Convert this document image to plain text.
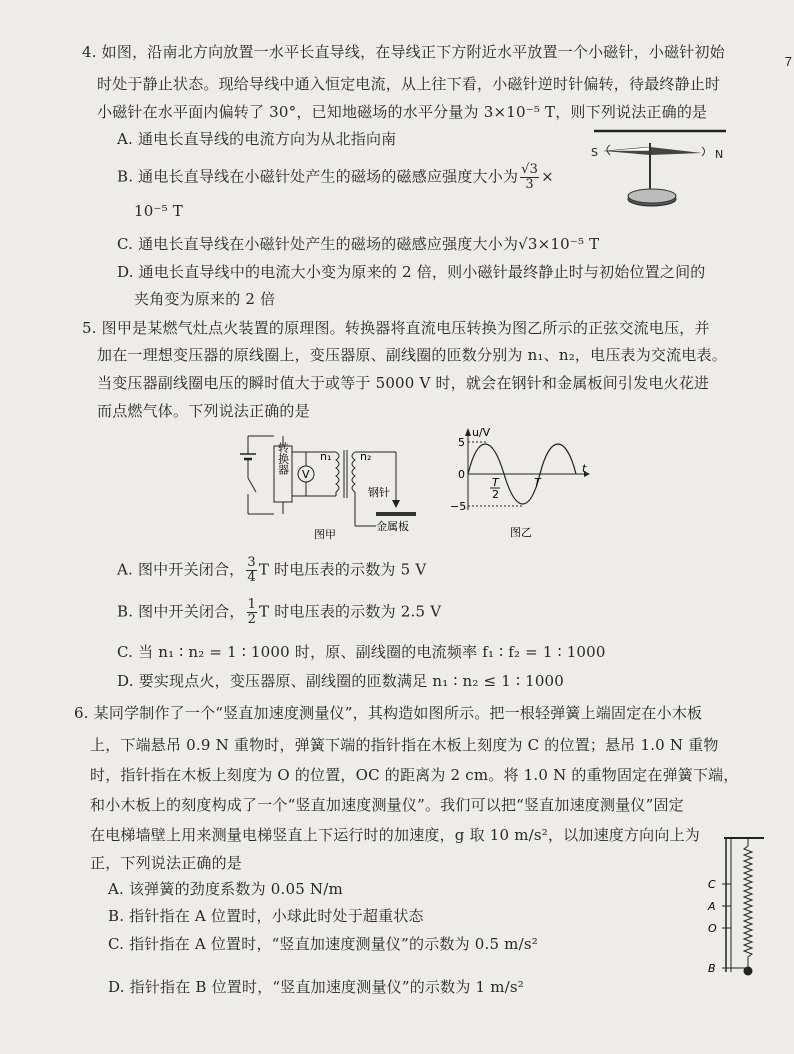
7
4. 如图，沿南北方向放置一水平长直导线，在导线正下方附近水平放置一个小磁针，小磁针初始
时处于静止状态。现给导线中通入恒定电流，从上往下看，小磁针逆时针偏转，待最终静止时
小磁针在水平面内偏转了 30°，已知地磁场的水平分量为 3×10⁻⁵ T，则下列说法正确的是
A. 通电长直导线的电流方向为从北指向南
B. 通电长直导线在小磁针处产生的磁场的磁感应强度大小为 $\frac{√3}{3}$ ×
10⁻⁵ T
C. 通电长直导线在小磁针处产生的磁场的磁感应强度大小为√3×10⁻⁵ T
D. 通电长直导线中的电流大小变为原来的 2 倍，则小磁针最终静止时与初始位置之间的
夹角变为原来的 2 倍
S	N
5. 图甲是某燃气灶点火装置的原理图。转换器将直流电压转换为图乙所示的正弦交流电压，并
加在一理想变压器的原线圈上，变压器原、副线圈的匝数分别为 n₁、n₂，电压表为交流电表。
当变压器副线圈电压的瞬时值大于或等于 5000 V 时，就会在钢针和金属板间引发电火花进
而点燃气体。下列说法正确的是
转换器 V
n₁	n₂
钢针
金属板
图甲
u/V
t
5
0
−5
T
2
T
图乙
A. 图中开关闭合， $\frac{3}{4}$ T 时电压表的示数为 5 V
B. 图中开关闭合， $\frac{1}{2}$ T 时电压表的示数为 2.5 V
C. 当 n₁ ∶ n₂ = 1 ∶ 1000 时，原、副线圈的电流频率 f₁ ∶ f₂ = 1 ∶ 1000
D. 要实现点火，变压器原、副线圈的匝数满足 n₁ ∶ n₂ ≤ 1 ∶ 1000
6. 某同学制作了一个“竖直加速度测量仪”，其构造如图所示。把一根轻弹簧上端固定在小木板
上，下端悬吊 0.9 N 重物时，弹簧下端的指针指在木板上刻度为 C 的位置；悬吊 1.0 N 重物
时，指针指在木板上刻度为 O 的位置，OC 的距离为 2 cm。将 1.0 N 的重物固定在弹簧下端，
和小木板上的刻度构成了一个“竖直加速度测量仪”。我们可以把“竖直加速度测量仪”固定
在电梯墙壁上用来测量电梯竖直上下运行时的加速度，g 取 10 m/s²，以加速度方向向上为
正，下列说法正确的是
A. 该弹簧的劲度系数为 0.05 N/m
B. 指针指在 A 位置时，小球此时处于超重状态
C. 指针指在 A 位置时，“竖直加速度测量仪”的示数为 0.5 m/s²
D. 指针指在 B 位置时，“竖直加速度测量仪”的示数为 1 m/s²
C
A
O
B
